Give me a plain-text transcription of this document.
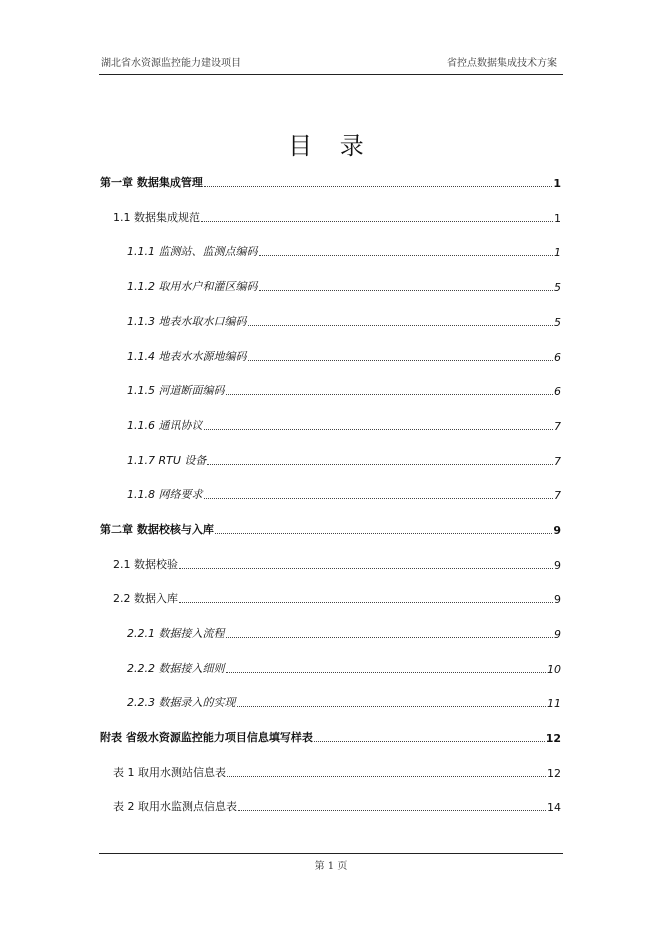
湖北省水资源监控能力建设项目	省控点数据集成技术方案
目 录
第一章 数据集成管理	1
1.1 数据集成规范	1
1.1.1 监测站、监测点编码	1
1.1.2 取用水户和灌区编码	5
1.1.3 地表水取水口编码	5
1.1.4 地表水水源地编码	6
1.1.5 河道断面编码	6
1.1.6 通讯协议	7
1.1.7 RTU 设备	7
1.1.8 网络要求	7
第二章 数据校核与入库	9
2.1 数据校验	9
2.2 数据入库	9
2.2.1 数据接入流程	9
2.2.2 数据接入细则	10
2.2.3 数据录入的实现	11
附表 省级水资源监控能力项目信息填写样表	12
表 1 取用水测站信息表	12
表 2 取用水监测点信息表	14
第 1 页
